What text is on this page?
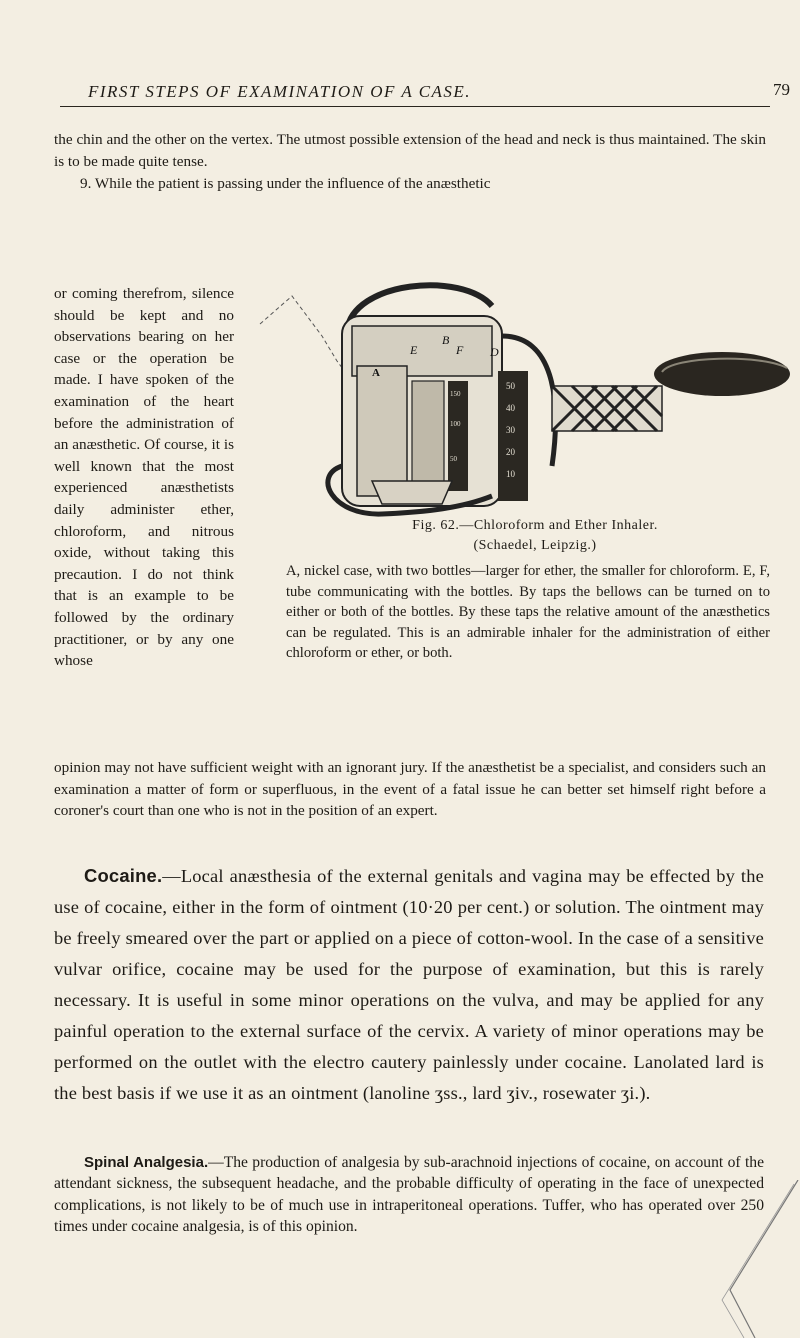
FIRST STEPS OF EXAMINATION OF A CASE.	79
the chin and the other on the vertex. The utmost possible extension of the head and neck is thus maintained. The skin is to be made quite tense.
9. While the patient is passing under the influence of the anæsthetic
or coming therefrom, silence should be kept and no observations bearing on her case or the operation be made. I have spoken of the examination of the heart before the administration of an anæsthetic. Of course, it is well known that the most experienced anæsthetists daily administer ether, chloroform, and nitrous oxide, without taking this precaution. I do not think that is an example to be followed by the ordinary practitioner, or by any one whose
E
B
F D
A
150
100
50
50
40
30
20
10
Fig. 62.—Chloroform and Ether Inhaler.
(Schaedel, Leipzig.)
A, nickel case, with two bottles—larger for ether, the smaller for chloroform. E, F, tube communicating with the bottles. By taps the bellows can be turned on to either or both of the bottles. By these taps the relative amount of the anæsthetics can be regulated. This is an admirable inhaler for the administration of either chloroform or ether, or both.
opinion may not have sufficient weight with an ignorant jury. If the anæsthetist be a specialist, and considers such an examination a matter of form or superfluous, in the event of a fatal issue he can better set himself right before a coroner's court than one who is not in the position of an expert.
Cocaine.—Local anæsthesia of the external genitals and vagina may be effected by the use of cocaine, either in the form of ointment (10·20 per cent.) or solution. The ointment may be freely smeared over the part or applied on a piece of cotton-wool. In the case of a sensitive vulvar orifice, cocaine may be used for the purpose of examination, but this is rarely necessary. It is useful in some minor operations on the vulva, and may be applied for any painful operation to the external surface of the cervix. A variety of minor operations may be performed on the outlet with the electro cautery painlessly under cocaine. Lanolated lard is the best basis if we use it as an ointment (lanoline ʒss., lard ʒiv., rosewater ʒi.).
Spinal Analgesia.—The production of analgesia by sub-arachnoid injections of cocaine, on account of the attendant sickness, the subsequent headache, and the probable difficulty of operating in the face of unexpected complications, is not likely to be of much use in intraperitoneal operations. Tuffer, who has operated over 250 times under cocaine analgesia, is of this opinion.
